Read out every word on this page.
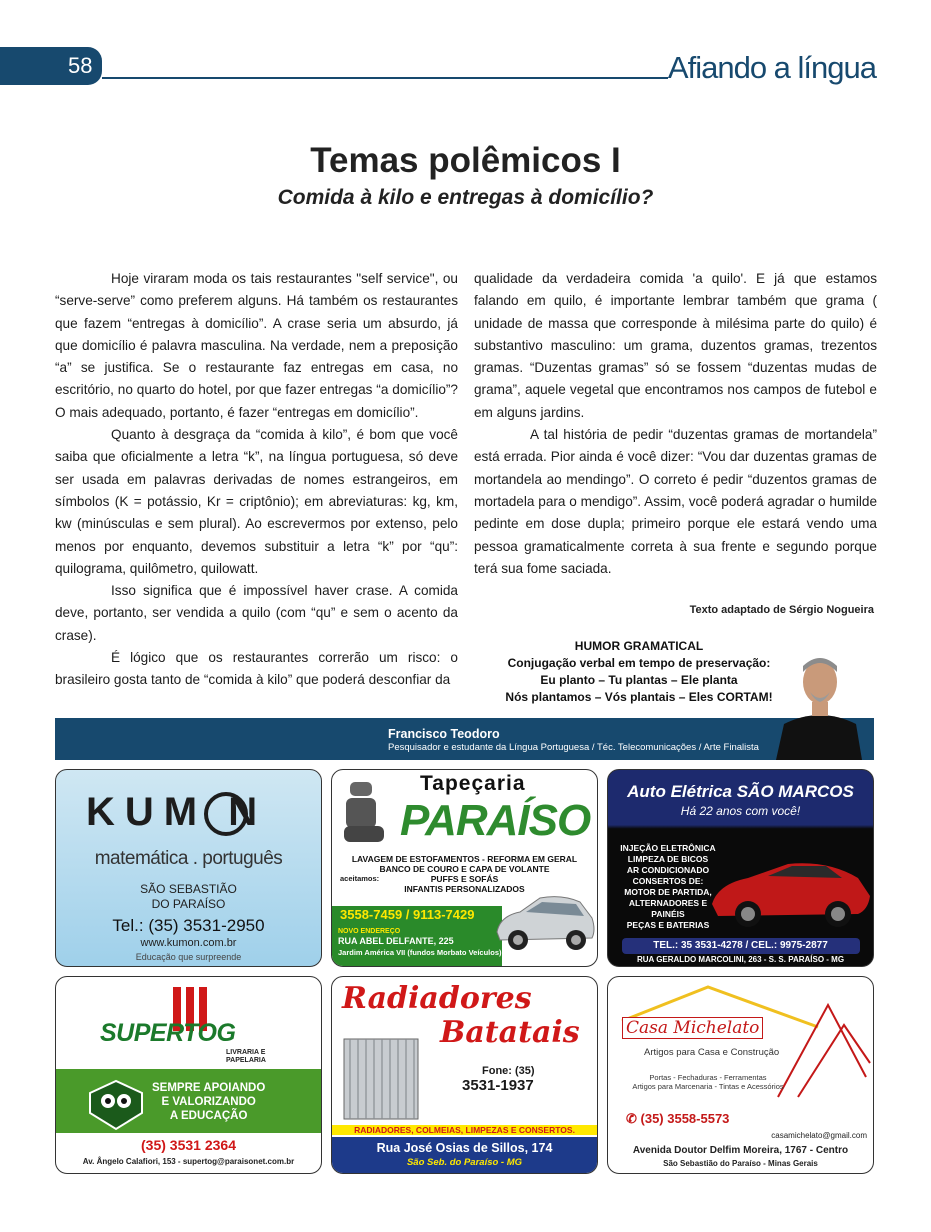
58	Afiando a língua
Temas polêmicos I
Comida à kilo e entregas à domicílio?

Hoje viraram moda os tais restaurantes "self service", ou “serve-serve” como preferem alguns. Há também os restaurantes que fazem “entregas à domicílio”. A crase seria um absurdo, já que domicílio é palavra masculina. Na verdade, nem a preposição “a” se justifica. Se o restaurante faz entregas em casa, no escritório, no quarto do hotel, por que fazer entregas “a domicílio”? O mais adequado, portanto, é fazer “entregas em domicílio”.

Quanto à desgraça da “comida à kilo”, é bom que você saiba que oficialmente a letra “k”, na língua portuguesa, só deve ser usada em palavras derivadas de nomes estrangeiros, em símbolos (K = potássio, Kr = criptônio); em abreviaturas: kg, km, kw (minúsculas e sem plural). Ao escrevermos por extenso, pelo menos por enquanto, devemos substituir a letra “k” por “qu”: quilograma, quilômetro, quilowatt.

Isso significa que é impossível haver crase. A comida deve, portanto, ser vendida a quilo (com “qu” e sem o acento da crase).

É lógico que os restaurantes correrão um risco: o brasileiro gosta tanto de “comida à kilo” que poderá desconfiar da

qualidade da verdadeira comida 'a quilo'. E já que estamos falando em quilo, é importante lembrar também que grama ( unidade de massa que corresponde à milésima parte do quilo) é substantivo masculino: um grama, duzentos gramas, trezentos gramas. “Duzentas gramas” só se fossem “duzentas mudas de grama”, aquele vegetal que encontramos nos campos de futebol e em alguns jardins.

A tal história de pedir “duzentas gramas de mortandela” está errada. Pior ainda é você dizer: “Vou dar duzentas gramas de mortandela ao mendingo”. O correto é pedir “duzentos gramas de mortadela para o mendigo”. Assim, você poderá agradar o humilde pedinte em dose dupla; primeiro porque ele estará vendo uma pessoa gramaticalmente correta à sua frente e segundo porque terá sua fome saciada.

Texto adaptado de Sérgio Nogueira
HUMOR GRAMATICAL
Conjugação verbal em tempo de preservação:
Eu planto – Tu plantas – Ele planta
Nós plantamos – Vós plantais – Eles CORTAM!
Francisco Teodoro
Pesquisador e estudante da Língua Portuguesa / Téc. Telecomunicações / Arte Finalista
KUM N
matemática . português
SÃO SEBASTIÃO
DO PARAÍSO
Tel.: (35) 3531-2950
www.kumon.com.br
Educação que surpreende
Tapeçaria
PARAÍSO
LAVAGEM DE ESTOFAMENTOS - REFORMA EM GERAL
BANCO DE COURO E CAPA DE VOLANTE
PUFFS E SOFÁS
INFANTIS PERSONALIZADOS
aceitamos:
3558-7459 / 9113-7429
NOVO ENDEREÇO
RUA ABEL DELFANTE, 225
Jardim América VII (fundos Morbato Veículos)
Auto Elétrica SÃO MARCOS
Há 22 anos com você!
INJEÇÃO ELETRÔNICA
LIMPEZA DE BICOS
AR CONDICIONADO
CONSERTOS DE:
MOTOR DE PARTIDA,
ALTERNADORES E PAINÉIS
PEÇAS E BATERIAS
TEL.: 35 3531-4278 / CEL.: 9975-2877
RUA GERALDO MARCOLINI, 263 - S. S. PARAÍSO - MG
SUPERTOG
LIVRARIA E
PAPELARIA
SEMPRE APOIANDO
E VALORIZANDO
A EDUCAÇÃO
(35) 3531 2364
Av. Ângelo Calafiori, 153 - supertog@paraisonet.com.br
Radiadores
Batatais
Fone: (35)
3531-1937
RADIADORES, COLMEIAS, LIMPEZAS E CONSERTOS.
Rua José Osias de Sillos, 174
São Seb. do Paraíso - MG
Casa Michelato
Artigos para Casa e Construção
Portas - Fechaduras - Ferramentas
Artigos para Marcenaria - Tintas e Acessórios
✆ (35) 3558-5573
casamichelato@gmail.com
Avenida Doutor Delfim Moreira, 1767 - Centro
São Sebastião do Paraíso - Minas Gerais
